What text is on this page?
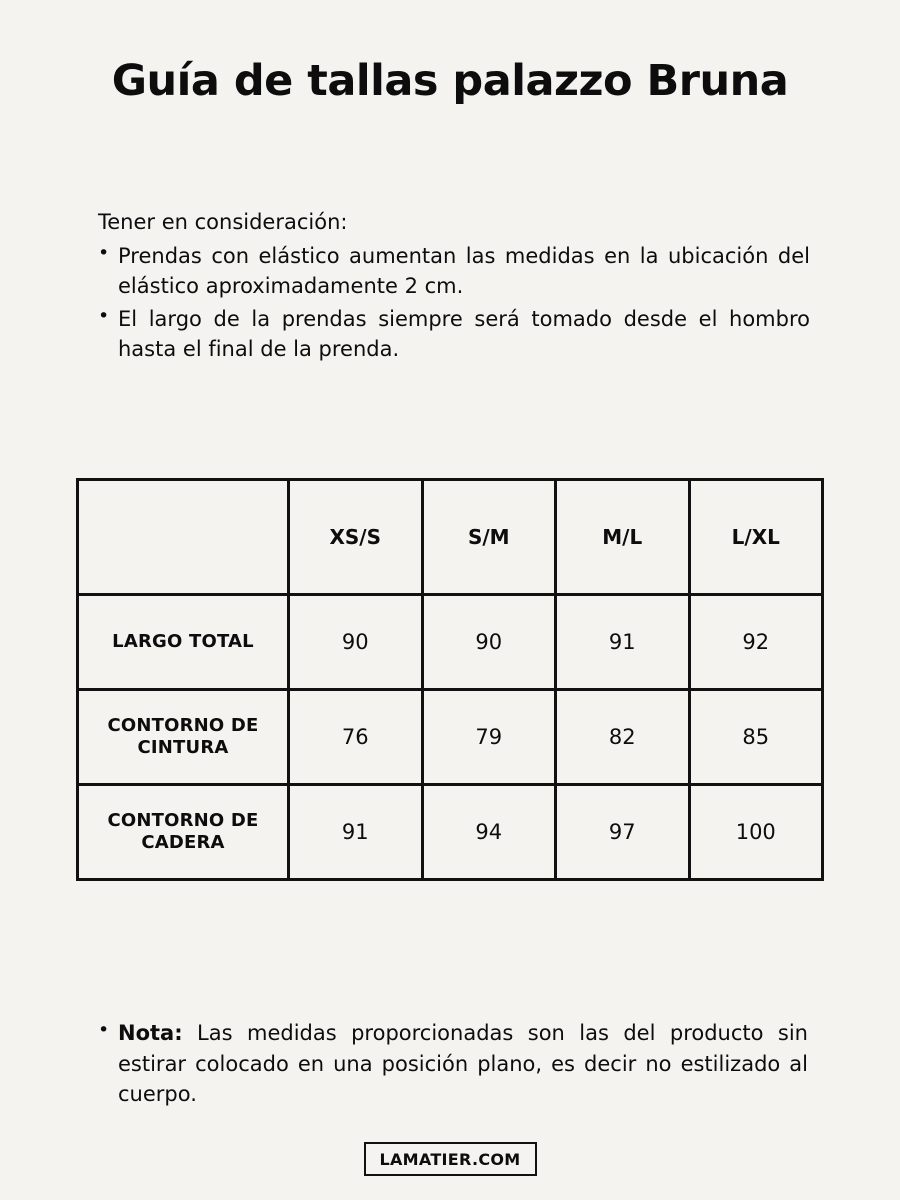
Guía de tallas palazzo Bruna

Tener en consideración:

• Prendas con elástico aumentan las medidas en la ubicación del elástico aproximadamente 2 cm.
• El largo de la prendas siempre será tomado desde el hombro hasta el final de la prenda.
	XS/S	S/M	M/L	L/XL
LARGO TOTAL	90	90	91	92
CONTORNO DE CINTURA	76	79	82	85
CONTORNO DE CADERA	91	94	97	100
• Nota: Las medidas proporcionadas son las del producto sin estirar colocado en una posición plano, es decir no estilizado al cuerpo.
LAMATIER.COM
